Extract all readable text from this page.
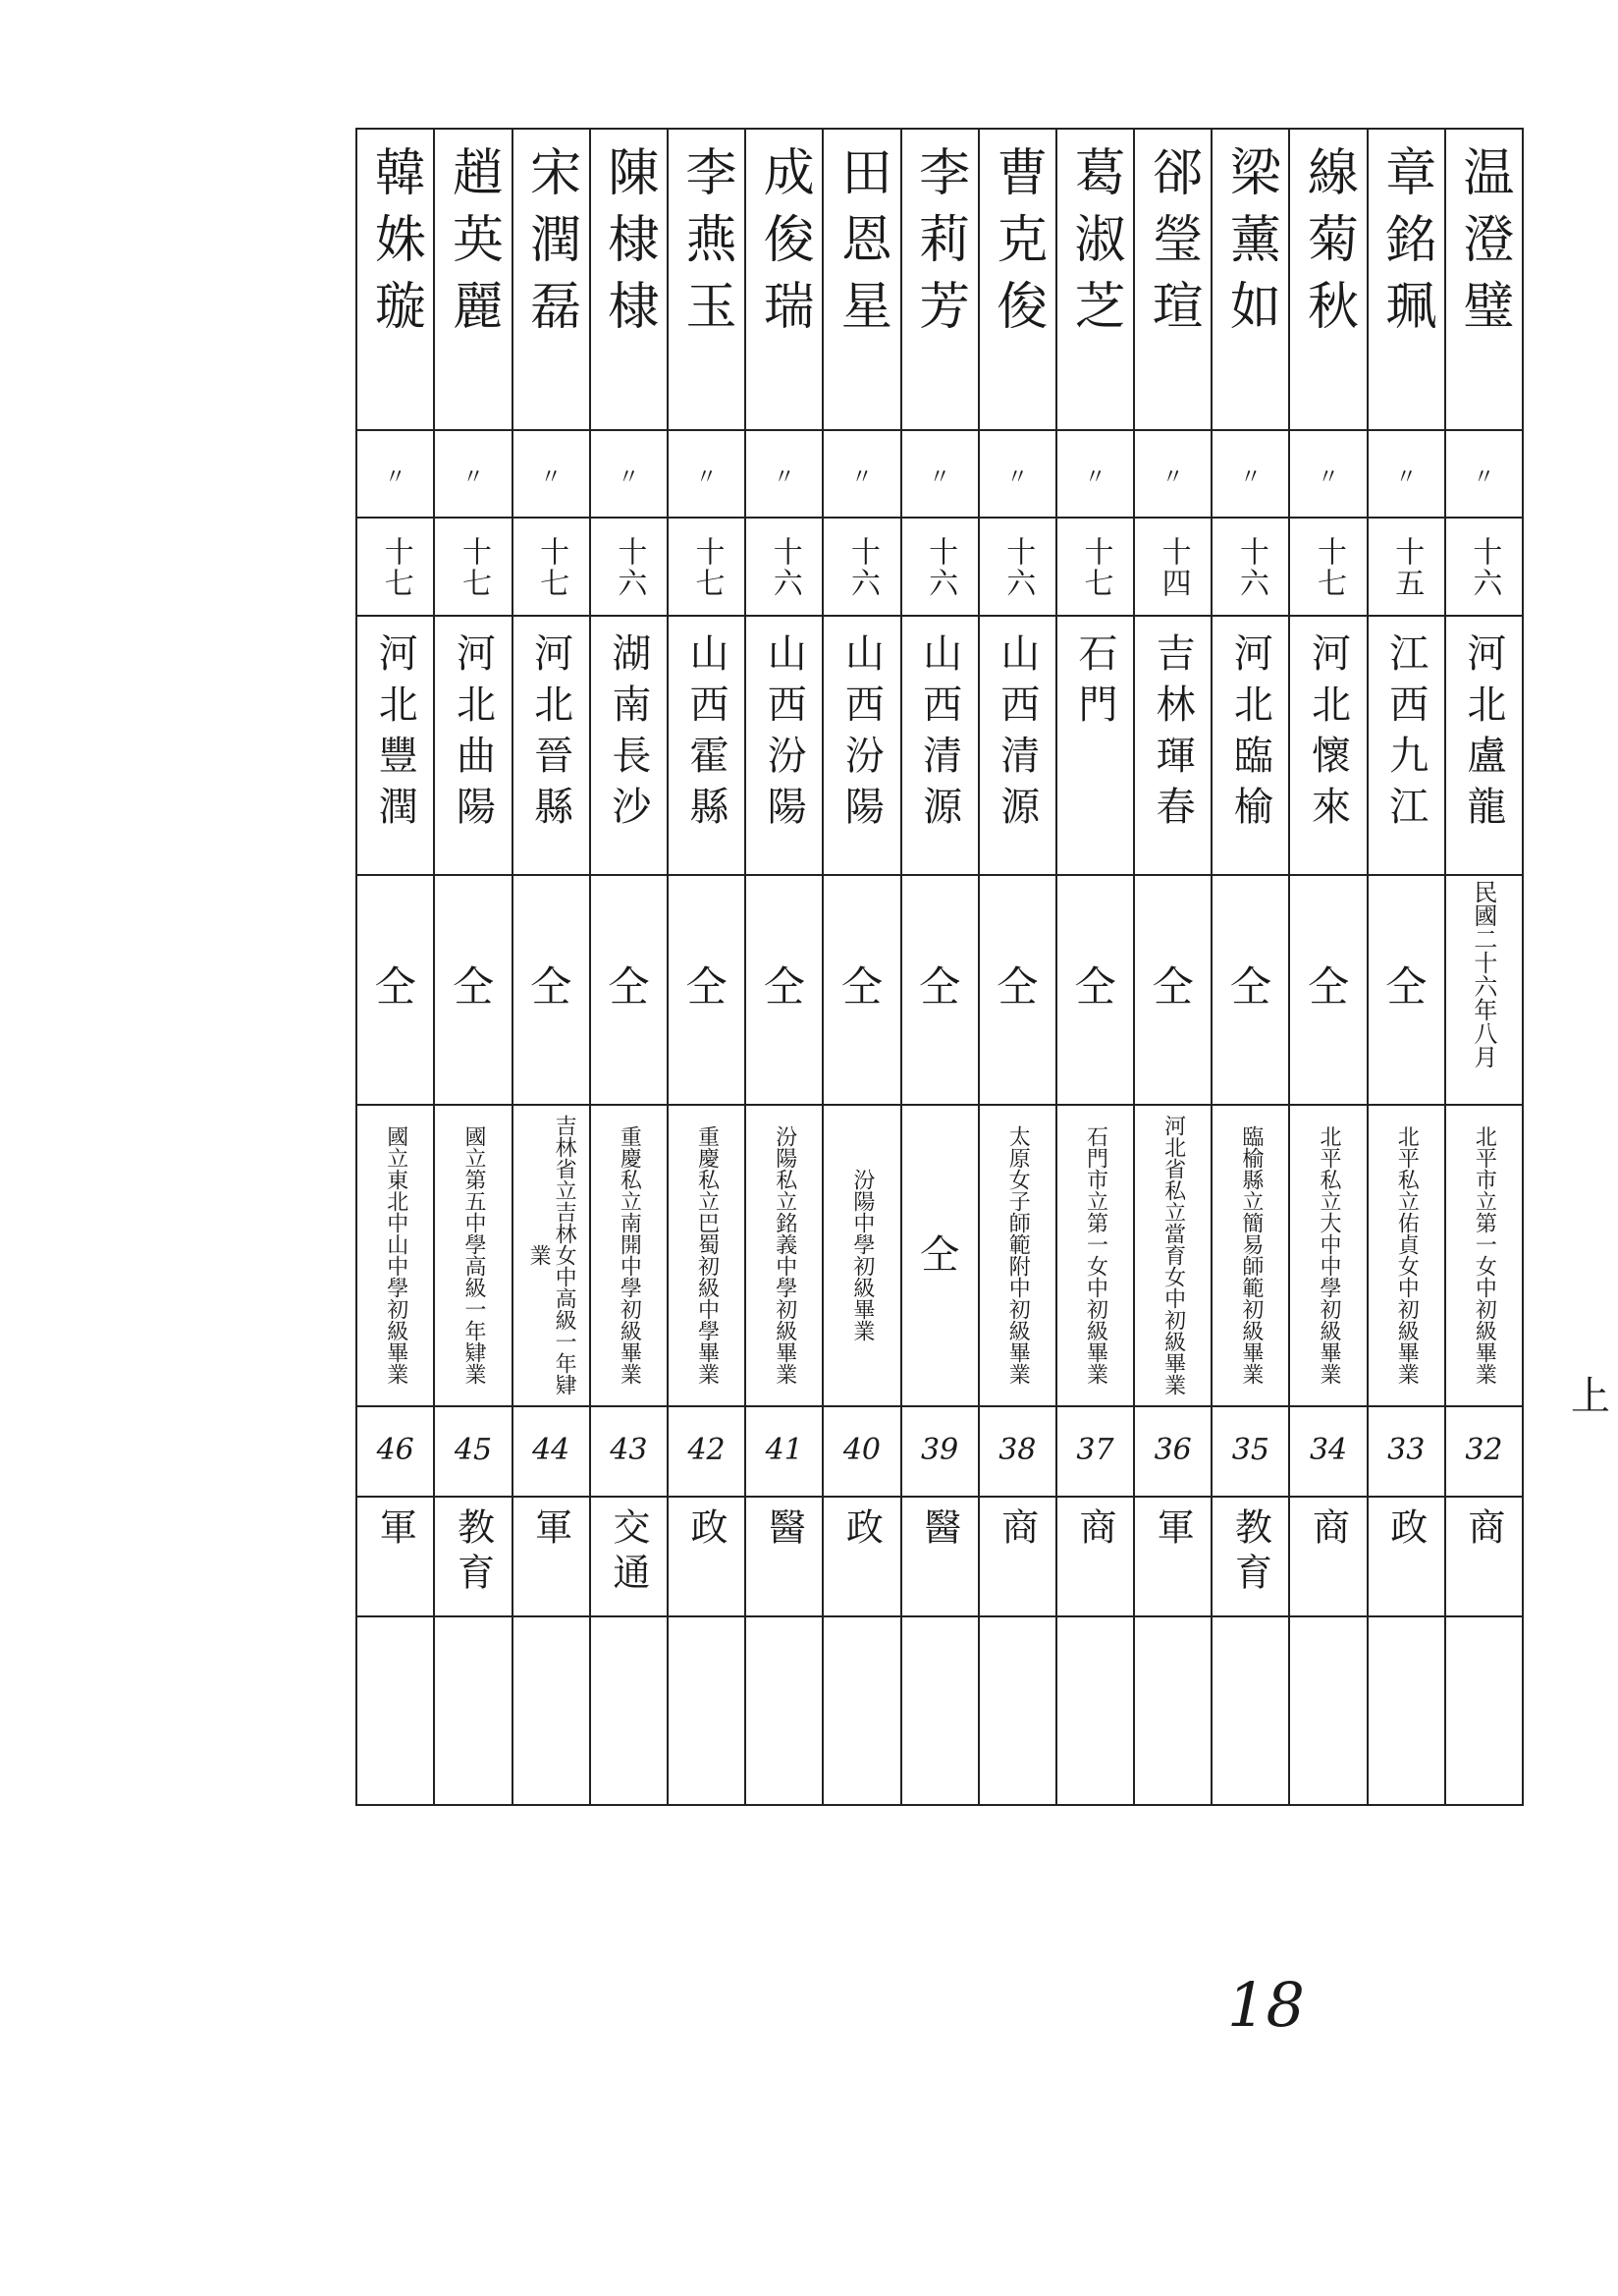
温澄璧	章銘珮	線菊秋	梁薰如	郤瑩瑄	葛淑芝	曹克俊	李莉芳	田恩星	成俊瑞	李燕玉	陳棣棣	宋潤磊	趙英麗	韓姝璇

〃	〃	〃	〃	〃	〃	〃	〃	〃	〃	〃	〃	〃	〃	〃

十六	十五	十七	十六	十四	十七	十六	十六	十六	十六	十七	十六	十七	十七	十七
河北盧龍	江西九江	河北懷來	河北臨榆	吉林琿春	石門	山西清源	山西清源	山西汾陽	山西汾陽	山西霍縣	湖南長沙	河北晉縣	河北曲陽	河北豐潤
民國二十六年八月	仝	仝	仝	仝	仝	仝	仝	仝	仝	仝	仝	仝	仝	仝

北平市立第一女中初級畢業	北平私立佑貞女中初級畢業	北平私立大中中學初級畢業	臨榆縣立簡易師範初級畢業	河北省私立當育女中初級畢業	石門市立第一女中初級畢業	太原女子師範附中初級畢業	仝	汾陽中學初級畢業	汾陽私立銘義中學初級畢業	重慶私立巴蜀初級中學畢業	重慶私立南開中學初級畢業	吉林省立吉林女中高級一年肄業	國立第五中學高級一年肄業	國立東北中山中學初級畢業

32	33	34	35	36	37	38	39	40	41	42	43	44	45	46

商	政	商	教育	軍	商	商	醫	政	醫	政	交通	軍	教育	軍

18
上
